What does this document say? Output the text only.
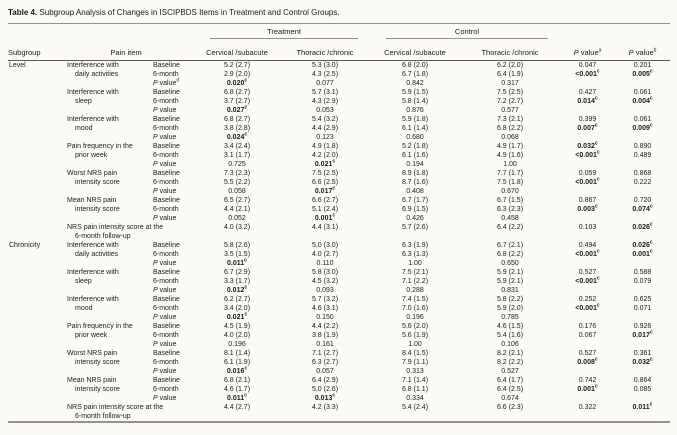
Table 4. Subgroup Analysis of Changes in ISCIPBDS Items in Treatment and Control Groups.

			Treatment		Control			

Subgroup	Pain item		Cervical /subacute	Thoracic /chronic	Cervical /subacute	Thoracic /chronic	P value$^a$	P value$^b$
Level	Interference with	Baseline	5.2 (2.7)	5.3 (3.0)	6.8 (2.0)	6.2 (2.0)	0.047	0.201
	daily activities	6-month	2.9 (2.0)	4.3 (2.5)	6.7 (1.8)	6.4 (1.9)	<0.001$^c$	0.005$^c$
		P value$^d$	0.020$^c$	0.077	0.842	0.317		
	Interference with	Baseline	6.8 (2.7)	5.7 (3.1)	5.9 (1.5)	7.5 (2.5)	0.427	0.061
	sleep	6-month	3.7 (2.7)	4.3 (2.9)	5.8 (1.4)	7.2 (2.7)	0.014$^c$	0.004$^c$
		P value	0.027$^c$	0.053	0.876	0.577		
	Interference with	Baseline	6.8 (2.7)	5.4 (3.2)	5.9 (1.8)	7.3 (2.1)	0.399	0.061
	mood	6-month	3.8 (2.8)	4.4 (2.9)	6.1 (1.4)	6.8 (2.2)	0.007$^c$	0.009$^c$
		P value	0.024$^c$	0.123	0.680	0.068		
	Pain frequency in the	Baseline	3.4 (2.4)	4.9 (1.8)	5.2 (1.8)	4.9 (1.7)	0.032$^c$	0.890
	prior week	6-month	3.1 (1.7)	4.2 (2.0)	6.1 (1.6)	4.9 (1.6)	<0.001$^c$	0.489
		P value	0.725	0.021$^c$	0.194	1.00		
	Worst NRS pain	Baseline	7.3 (2.3)	7.5 (2.5)	8.9 (1.8)	7.7 (1.7)	0.059	0.868
	intensity score	6-month	5.5 (2.2)	6.6 (2.5)	8.7 (1.6)	7.5 (1.8)	<0.001$^c$	0.222
		P value	0.058	0.017$^c$	0.408	0.670		
	Mean NRS pain	Baseline	6.5 (2.7)	6.6 (2.7)	6.7 (1.7)	6.7 (1.5)	0.867	0.720
	intensity score	6-month	4.4 (2.1)	5.1 (2.4)	6.9 (1.5)	6.3 (2.3)	0.003$^c$	0.074$^c$
		P value	0.052	0.001$^c$	0.426	0.458		
	NRS pain intensity score at the		4.0 (3.2)	4.4 (3.1)	5.7 (2.6)	6.4 (2.2)	0.103	0.026$^c$
	6-month follow-up							
Chronicity	Interference with	Baseline	5.8 (2.6)	5.0 (3.0)	6.3 (1.9)	6.7 (2.1)	0.494	0.026$^c$
	daily activities	6-month	3.5 (1.5)	4.0 (2.7)	6.3 (1.3)	6.8 (2.2)	<0.001$^c$	0.001$^c$
		P value	0.011$^c$	0.110	1.00	0.650		
	Interference with	Baseline	6.7 (2.9)	5.8 (3.0)	7.5 (2.1)	5.9 (2.1)	0.527	0.588
	sleep	6-month	3.3 (1.7)	4.5 (3.2)	7.1 (2.2)	5.9 (2.1)	<0.001$^c$	0.079
		P value	0.012$^c$	0.093	0.288	0.831		
	Interference with	Baseline	6.2 (2.7)	5.7 (3.2)	7.4 (1.5)	5.8 (2.2)	0.252	0.625
	mood	6-month	3.4 (2.0)	4.6 (3.1)	7.0 (1.6)	5.9 (2.0)	<0.001$^c$	0.071
		P value	0.021$^c$	0.150	0.196	0.785		
	Pain frequency in the	Baseline	4.5 (1.9)	4.4 (2.2)	5.6 (2.0)	4.6 (1.5)	0.176	0.926
	prior week	6-month	4.0 (2.0)	3.8 (1.9)	5.6 (1.9)	5.4 (1.6)	0.067	0.017$^c$
		P value	0.196	0.161	1.00	0.106		
	Worst NRS pain	Baseline	8.1 (1.4)	7.1 (2.7)	8.4 (1.5)	8.2 (2.1)	0.527	0.361
	intensity score	6-month	6.1 (1.9)	6.3 (2.7)	7.9 (1.1)	8.2 (2.2)	0.008$^c$	0.032$^c$
		P value	0.016$^c$	0.057	0.313	0.527		
	Mean NRS pain	Baseline	6.8 (2.1)	6.4 (2.9)	7.1 (1.4)	6.4 (1.7)	0.742	0.864
	intensity score	6-month	4.6 (1.7)	5.0 (2.6)	6.8 (1.1)	6.4 (2.5)	0.001$^c$	0.085
		P value	0.011$^c$	0.013$^c$	0.334	0.674		
	NRS pain intensity score at the		4.4 (2.7)	4.2 (3.3)	5.4 (2.4)	6.6 (2.3)	0.322	0.011$^c$
	6-month follow-up							
